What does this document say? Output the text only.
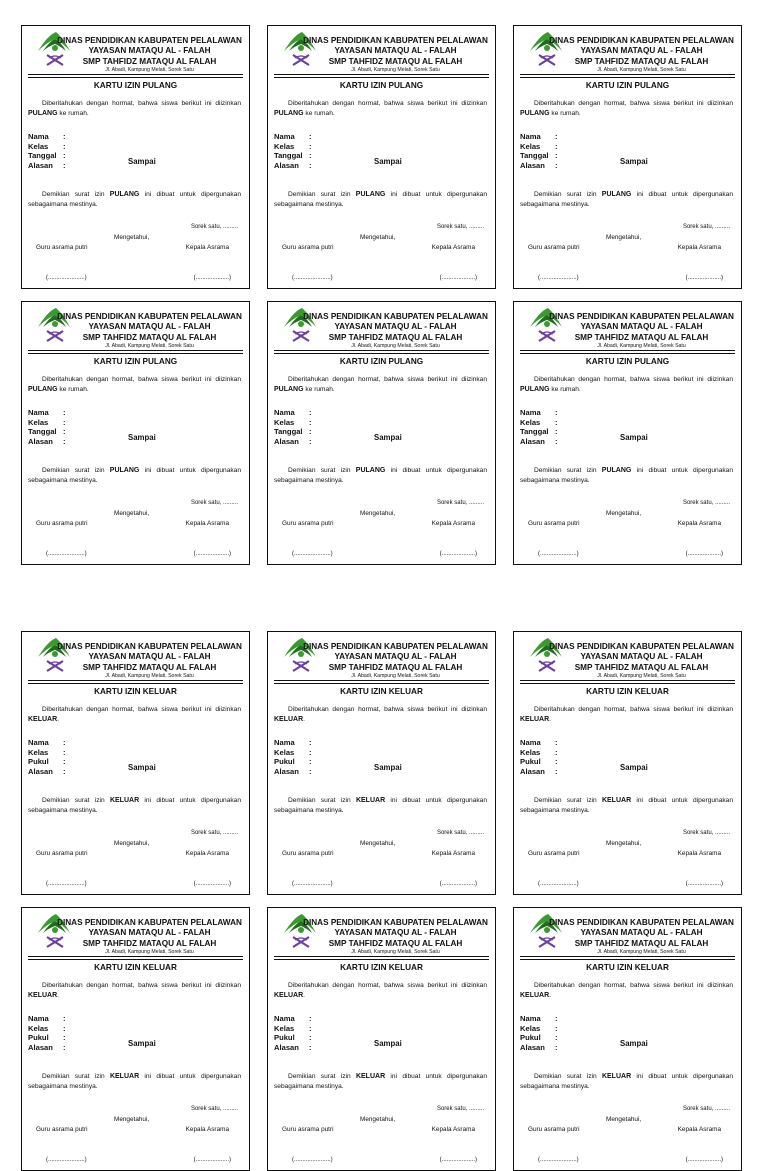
DINAS PENDIDIKAN KABUPATEN PELALAWAN
YAYASAN MATAQU AL - FALAH
SMP TAHFIDZ MATAQU AL FALAH
Jl. Abadi, Kampung Melati, Sorek Satu
KARTU IZIN PULANG
Diberitahukan dengan hormat, bahwa siswa berikut ini diizinkan PULANG ke rumah.
Nama :
Kelas :
Tanggal :
Alasan :	Sampai
Demikian surat izin PULANG ini dibuat untuk dipergunakan sebagaimana mestinya.
Sorek satu, .........
Mengetahui,
Guru asrama putri	Kepala Asrama
(......................)	(....................)
DINAS PENDIDIKAN KABUPATEN PELALAWAN
YAYASAN MATAQU AL - FALAH
SMP TAHFIDZ MATAQU AL FALAH
Jl. Abadi, Kampung Melati, Sorek Satu
KARTU IZIN PULANG
Diberitahukan dengan hormat, bahwa siswa berikut ini diizinkan PULANG ke rumah.
Nama :
Kelas :
Tanggal :
Alasan :	Sampai
Demikian surat izin PULANG ini dibuat untuk dipergunakan sebagaimana mestinya.
Sorek satu, .........
Mengetahui,
Guru asrama putri	Kepala Asrama
(......................)	(....................)
DINAS PENDIDIKAN KABUPATEN PELALAWAN
YAYASAN MATAQU AL - FALAH
SMP TAHFIDZ MATAQU AL FALAH
Jl. Abadi, Kampung Melati, Sorek Satu
KARTU IZIN PULANG
Diberitahukan dengan hormat, bahwa siswa berikut ini diizinkan PULANG ke rumah.
Nama :
Kelas :
Tanggal :
Alasan :	Sampai
Demikian surat izin PULANG ini dibuat untuk dipergunakan sebagaimana mestinya.
Sorek satu, .........
Mengetahui,
Guru asrama putri	Kepala Asrama
(......................)	(....................)
DINAS PENDIDIKAN KABUPATEN PELALAWAN
YAYASAN MATAQU AL - FALAH
SMP TAHFIDZ MATAQU AL FALAH
Jl. Abadi, Kampung Melati, Sorek Satu
KARTU IZIN PULANG
Diberitahukan dengan hormat, bahwa siswa berikut ini diizinkan PULANG ke rumah.
Nama :
Kelas :
Tanggal :
Alasan :	Sampai
Demikian surat izin PULANG ini dibuat untuk dipergunakan sebagaimana mestinya.
Sorek satu, .........
Mengetahui,
Guru asrama putri	Kepala Asrama
(......................)	(....................)
DINAS PENDIDIKAN KABUPATEN PELALAWAN
YAYASAN MATAQU AL - FALAH
SMP TAHFIDZ MATAQU AL FALAH
Jl. Abadi, Kampung Melati, Sorek Satu
KARTU IZIN PULANG
Diberitahukan dengan hormat, bahwa siswa berikut ini diizinkan PULANG ke rumah.
Nama :
Kelas :
Tanggal :
Alasan :	Sampai
Demikian surat izin PULANG ini dibuat untuk dipergunakan sebagaimana mestinya.
Sorek satu, .........
Mengetahui,
Guru asrama putri	Kepala Asrama
(......................)	(....................)
DINAS PENDIDIKAN KABUPATEN PELALAWAN
YAYASAN MATAQU AL - FALAH
SMP TAHFIDZ MATAQU AL FALAH
Jl. Abadi, Kampung Melati, Sorek Satu
KARTU IZIN PULANG
Diberitahukan dengan hormat, bahwa siswa berikut ini diizinkan PULANG ke rumah.
Nama :
Kelas :
Tanggal :
Alasan :	Sampai
Demikian surat izin PULANG ini dibuat untuk dipergunakan sebagaimana mestinya.
Sorek satu, .........
Mengetahui,
Guru asrama putri	Kepala Asrama
(......................)	(....................)
DINAS PENDIDIKAN KABUPATEN PELALAWAN
YAYASAN MATAQU AL - FALAH
SMP TAHFIDZ MATAQU AL FALAH
Jl. Abadi, Kampung Melati, Sorek Satu
KARTU IZIN KELUAR
Diberitahukan dengan hormat, bahwa siswa berikut ini diizinkan KELUAR.
Nama :
Kelas :
Pukul :
Alasan :	Sampai
Demikian surat izin KELUAR ini dibuat untuk dipergunakan sebagaimana mestinya.
Sorek satu, .........
Mengetahui,
Guru asrama putri	Kepala Asrama
(......................)	(....................)
DINAS PENDIDIKAN KABUPATEN PELALAWAN
YAYASAN MATAQU AL - FALAH
SMP TAHFIDZ MATAQU AL FALAH
Jl. Abadi, Kampung Melati, Sorek Satu
KARTU IZIN KELUAR
Diberitahukan dengan hormat, bahwa siswa berikut ini diizinkan KELUAR.
Nama :
Kelas :
Pukul :
Alasan :	Sampai
Demikian surat izin KELUAR ini dibuat untuk dipergunakan sebagaimana mestinya.
Sorek satu, .........
Mengetahui,
Guru asrama putri	Kepala Asrama
(......................)	(....................)
DINAS PENDIDIKAN KABUPATEN PELALAWAN
YAYASAN MATAQU AL - FALAH
SMP TAHFIDZ MATAQU AL FALAH
Jl. Abadi, Kampung Melati, Sorek Satu
KARTU IZIN KELUAR
Diberitahukan dengan hormat, bahwa siswa berikut ini diizinkan KELUAR.
Nama :
Kelas :
Pukul :
Alasan :	Sampai
Demikian surat izin KELUAR ini dibuat untuk dipergunakan sebagaimana mestinya.
Sorek satu, .........
Mengetahui,
Guru asrama putri	Kepala Asrama
(......................)	(....................)
DINAS PENDIDIKAN KABUPATEN PELALAWAN
YAYASAN MATAQU AL - FALAH
SMP TAHFIDZ MATAQU AL FALAH
Jl. Abadi, Kampung Melati, Sorek Satu
KARTU IZIN KELUAR
Diberitahukan dengan hormat, bahwa siswa berikut ini diizinkan KELUAR.
Nama :
Kelas :
Pukul :
Alasan :	Sampai
Demikian surat izin KELUAR ini dibuat untuk dipergunakan sebagaimana mestinya.
Sorek satu, .........
Mengetahui,
Guru asrama putri	Kepala Asrama
(......................)	(....................)
DINAS PENDIDIKAN KABUPATEN PELALAWAN
YAYASAN MATAQU AL - FALAH
SMP TAHFIDZ MATAQU AL FALAH
Jl. Abadi, Kampung Melati, Sorek Satu
KARTU IZIN KELUAR
Diberitahukan dengan hormat, bahwa siswa berikut ini diizinkan KELUAR.
Nama :
Kelas :
Pukul :
Alasan :	Sampai
Demikian surat izin KELUAR ini dibuat untuk dipergunakan sebagaimana mestinya.
Sorek satu, .........
Mengetahui,
Guru asrama putri	Kepala Asrama
(......................)	(....................)
DINAS PENDIDIKAN KABUPATEN PELALAWAN
YAYASAN MATAQU AL - FALAH
SMP TAHFIDZ MATAQU AL FALAH
Jl. Abadi, Kampung Melati, Sorek Satu
KARTU IZIN KELUAR
Diberitahukan dengan hormat, bahwa siswa berikut ini diizinkan KELUAR.
Nama :
Kelas :
Pukul :
Alasan :	Sampai
Demikian surat izin KELUAR ini dibuat untuk dipergunakan sebagaimana mestinya.
Sorek satu, .........
Mengetahui,
Guru asrama putri	Kepala Asrama
(......................)	(....................)
